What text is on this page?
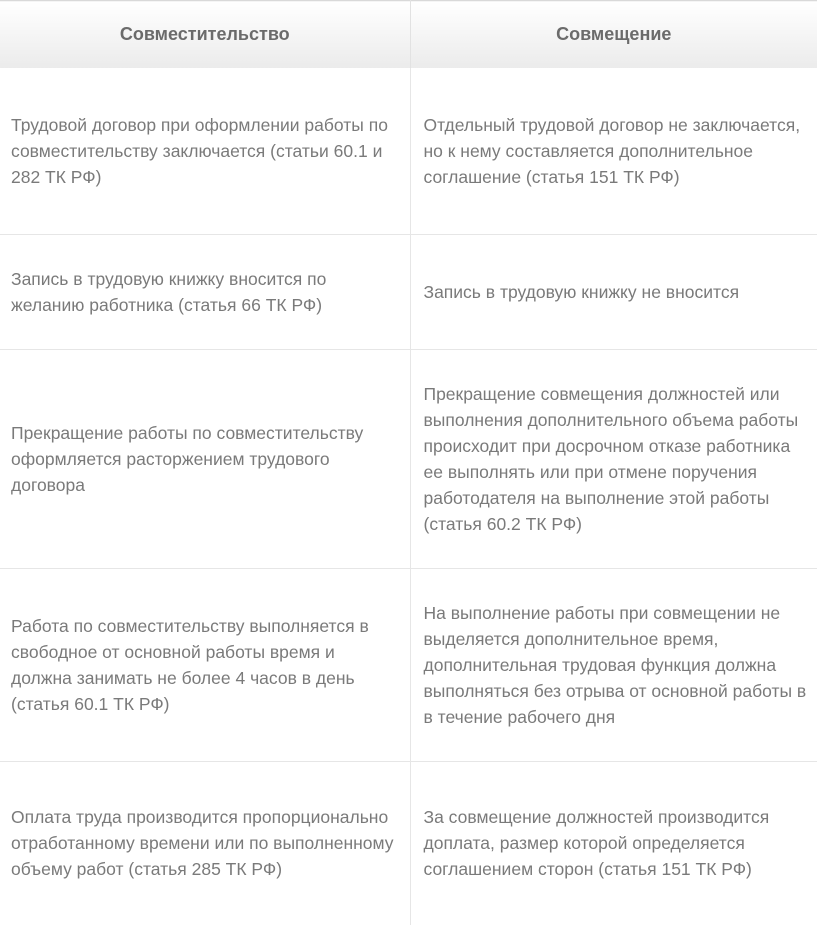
Совместительство	Совмещение
Трудовой договор при оформлении работы по совместительству заключается (статьи 60.1 и 282 ТК РФ)	Отдельный трудовой договор не заключается, но к нему составляется дополнительное соглашение (статья 151 ТК РФ)
Запись в трудовую книжку вносится по желанию работника (статья 66 ТК РФ)	Запись в трудовую книжку не вносится
Прекращение работы по совместительству оформляется расторжением трудового договора	Прекращение совмещения должностей или выполнения дополнительного объема работы происходит при досрочном отказе работника ее выполнять или при отмене поручения работодателя на выполнение этой работы (статья 60.2 ТК РФ)
Работа по совместительству выполняется в свободное от основной работы время и должна занимать не более 4 часов в день (статья 60.1 ТК РФ)	На выполнение работы при совмещении не выделяется дополнительное время, дополнительная трудовая функция должна выполняться без отрыва от основной работы в в течение рабочего дня
Оплата труда производится пропорционально отработанному времени или по выполненному объему работ (статья 285 ТК РФ)	За совмещение должностей производится доплата, размер которой определяется соглашением сторон (статья 151 ТК РФ)
